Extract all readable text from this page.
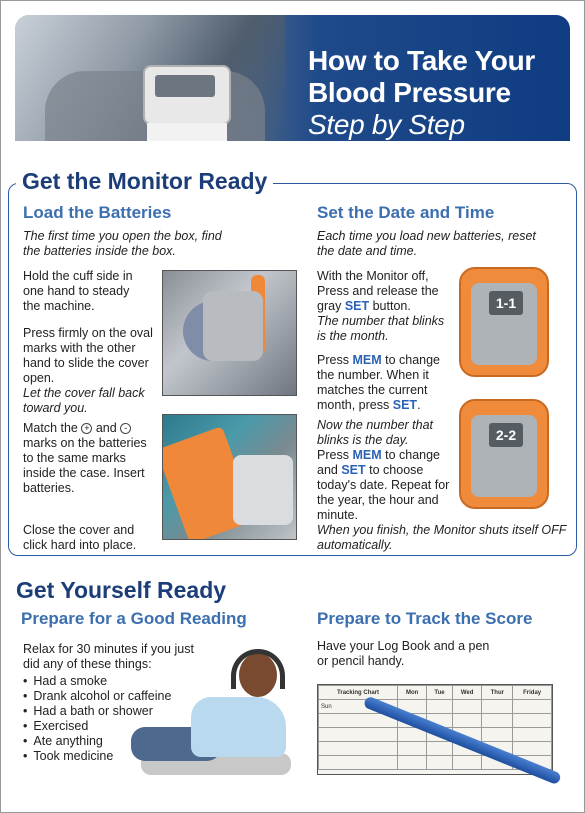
How to Take Your
Blood Pressure
Step by Step
Get the Monitor Ready
Load the Batteries
The first time you open the box, find the batteries inside the box.
Hold the cuff side in one hand to steady the machine.
Press firmly on the oval marks with the other hand to slide the cover open.
Let the cover fall back toward you.
Match the + and - marks on the batteries to the same marks inside the case. Insert batteries.
Close the cover and click hard into place.
Set the Date and Time
Each time you load new batteries, reset the date and time.
With the Monitor off, Press and release the gray SET button.
The number that blinks is the month.
Press MEM to change the number. When it matches the current month, press SET.
Now the number that blinks is the day.
Press MEM to change and SET to choose today's date. Repeat for the year, the hour and minute.
When you finish, the Monitor shuts itself OFF automatically.
1-1
2-2
Get Yourself Ready
Prepare for a Good Reading
Relax for 30 minutes if you just did any of these things:
• Had a smoke
• Drank alcohol or caffeine
• Had a bath or shower
• Exercised
• Ate anything
• Took medicine
Prepare to Track the Score
Have your Log Book and a pen or pencil handy.
Tracking Chart	Mon	Tue	Wed	Thur	Friday
Sun					
